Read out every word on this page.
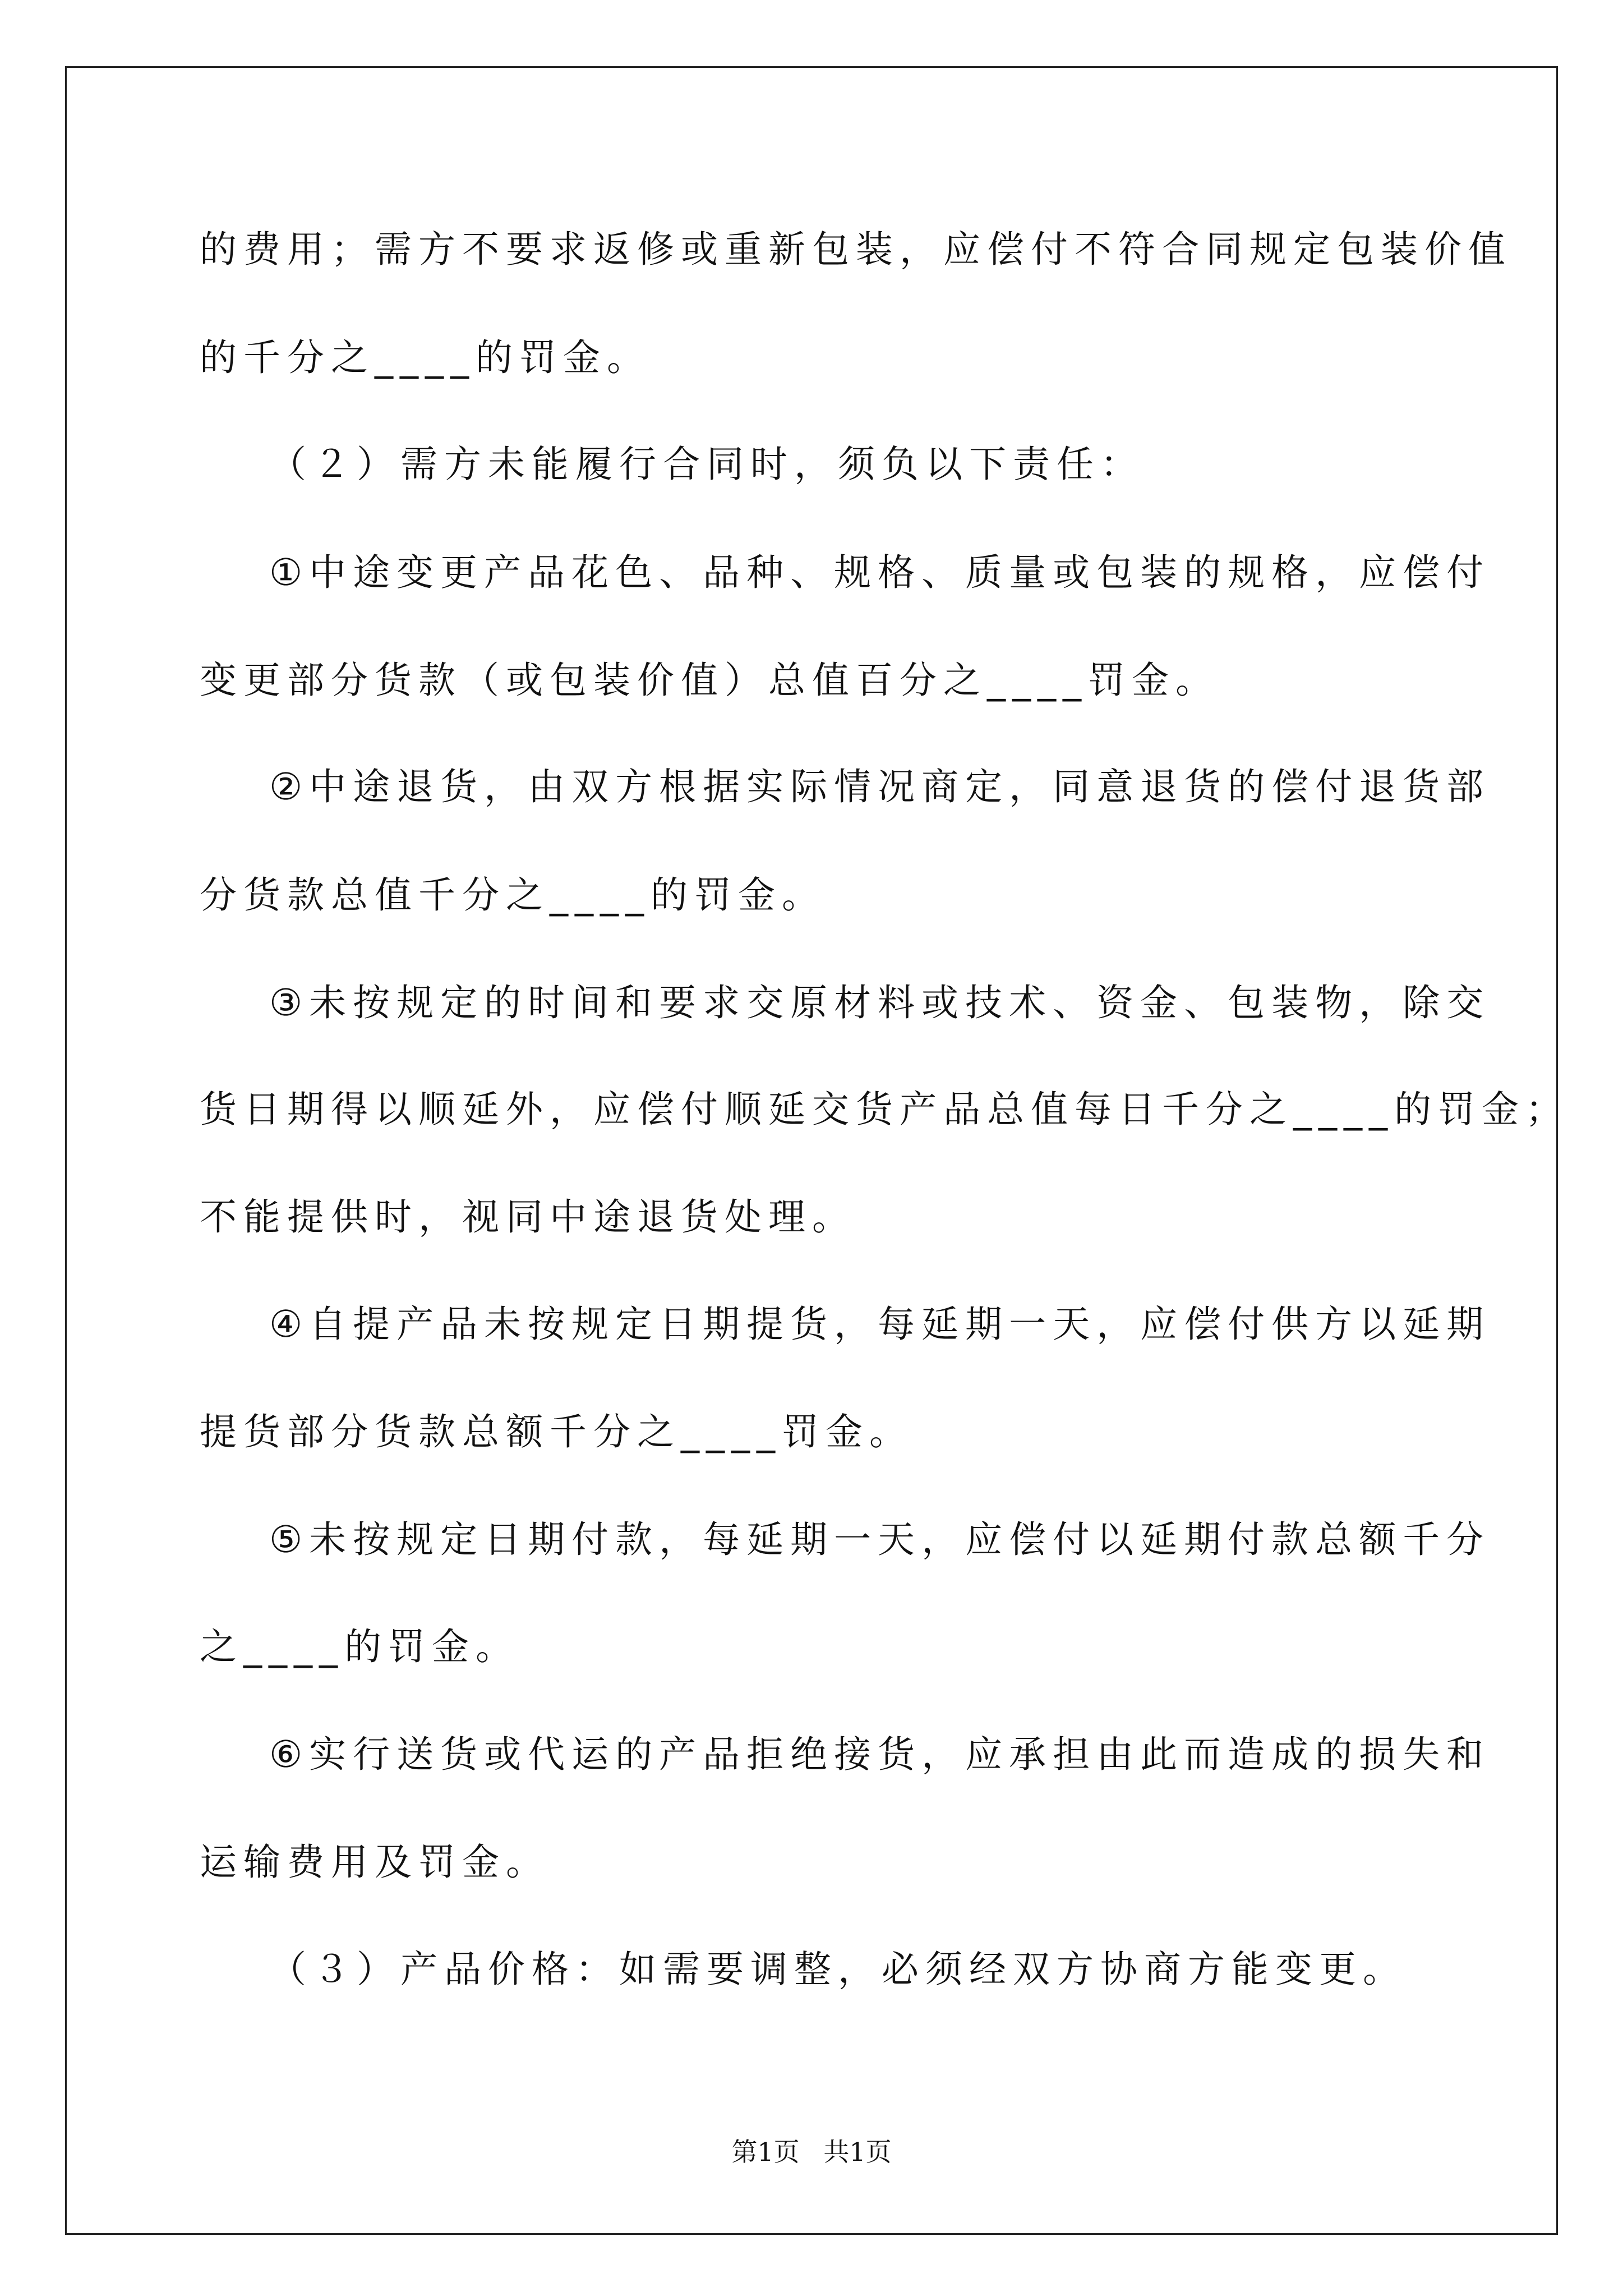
的费用；需方不要求返修或重新包装，应偿付不符合同规定包装价值
的千分之____的罚金。
（２）需方未能履行合同时，须负以下责任：
①中途变更产品花色、品种、规格、质量或包装的规格，应偿付
变更部分货款（或包装价值）总值百分之____罚金。
②中途退货，由双方根据实际情况商定，同意退货的偿付退货部
分货款总值千分之____的罚金。
③未按规定的时间和要求交原材料或技术、资金、包装物，除交
货日期得以顺延外，应偿付顺延交货产品总值每日千分之____的罚金；
不能提供时，视同中途退货处理。
④自提产品未按规定日期提货，每延期一天，应偿付供方以延期
提货部分货款总额千分之____罚金。
⑤未按规定日期付款，每延期一天，应偿付以延期付款总额千分
之____的罚金。
⑥实行送货或代运的产品拒绝接货，应承担由此而造成的损失和
运输费用及罚金。
（３）产品价格：如需要调整，必须经双方协商方能变更。
第1页 共1页
